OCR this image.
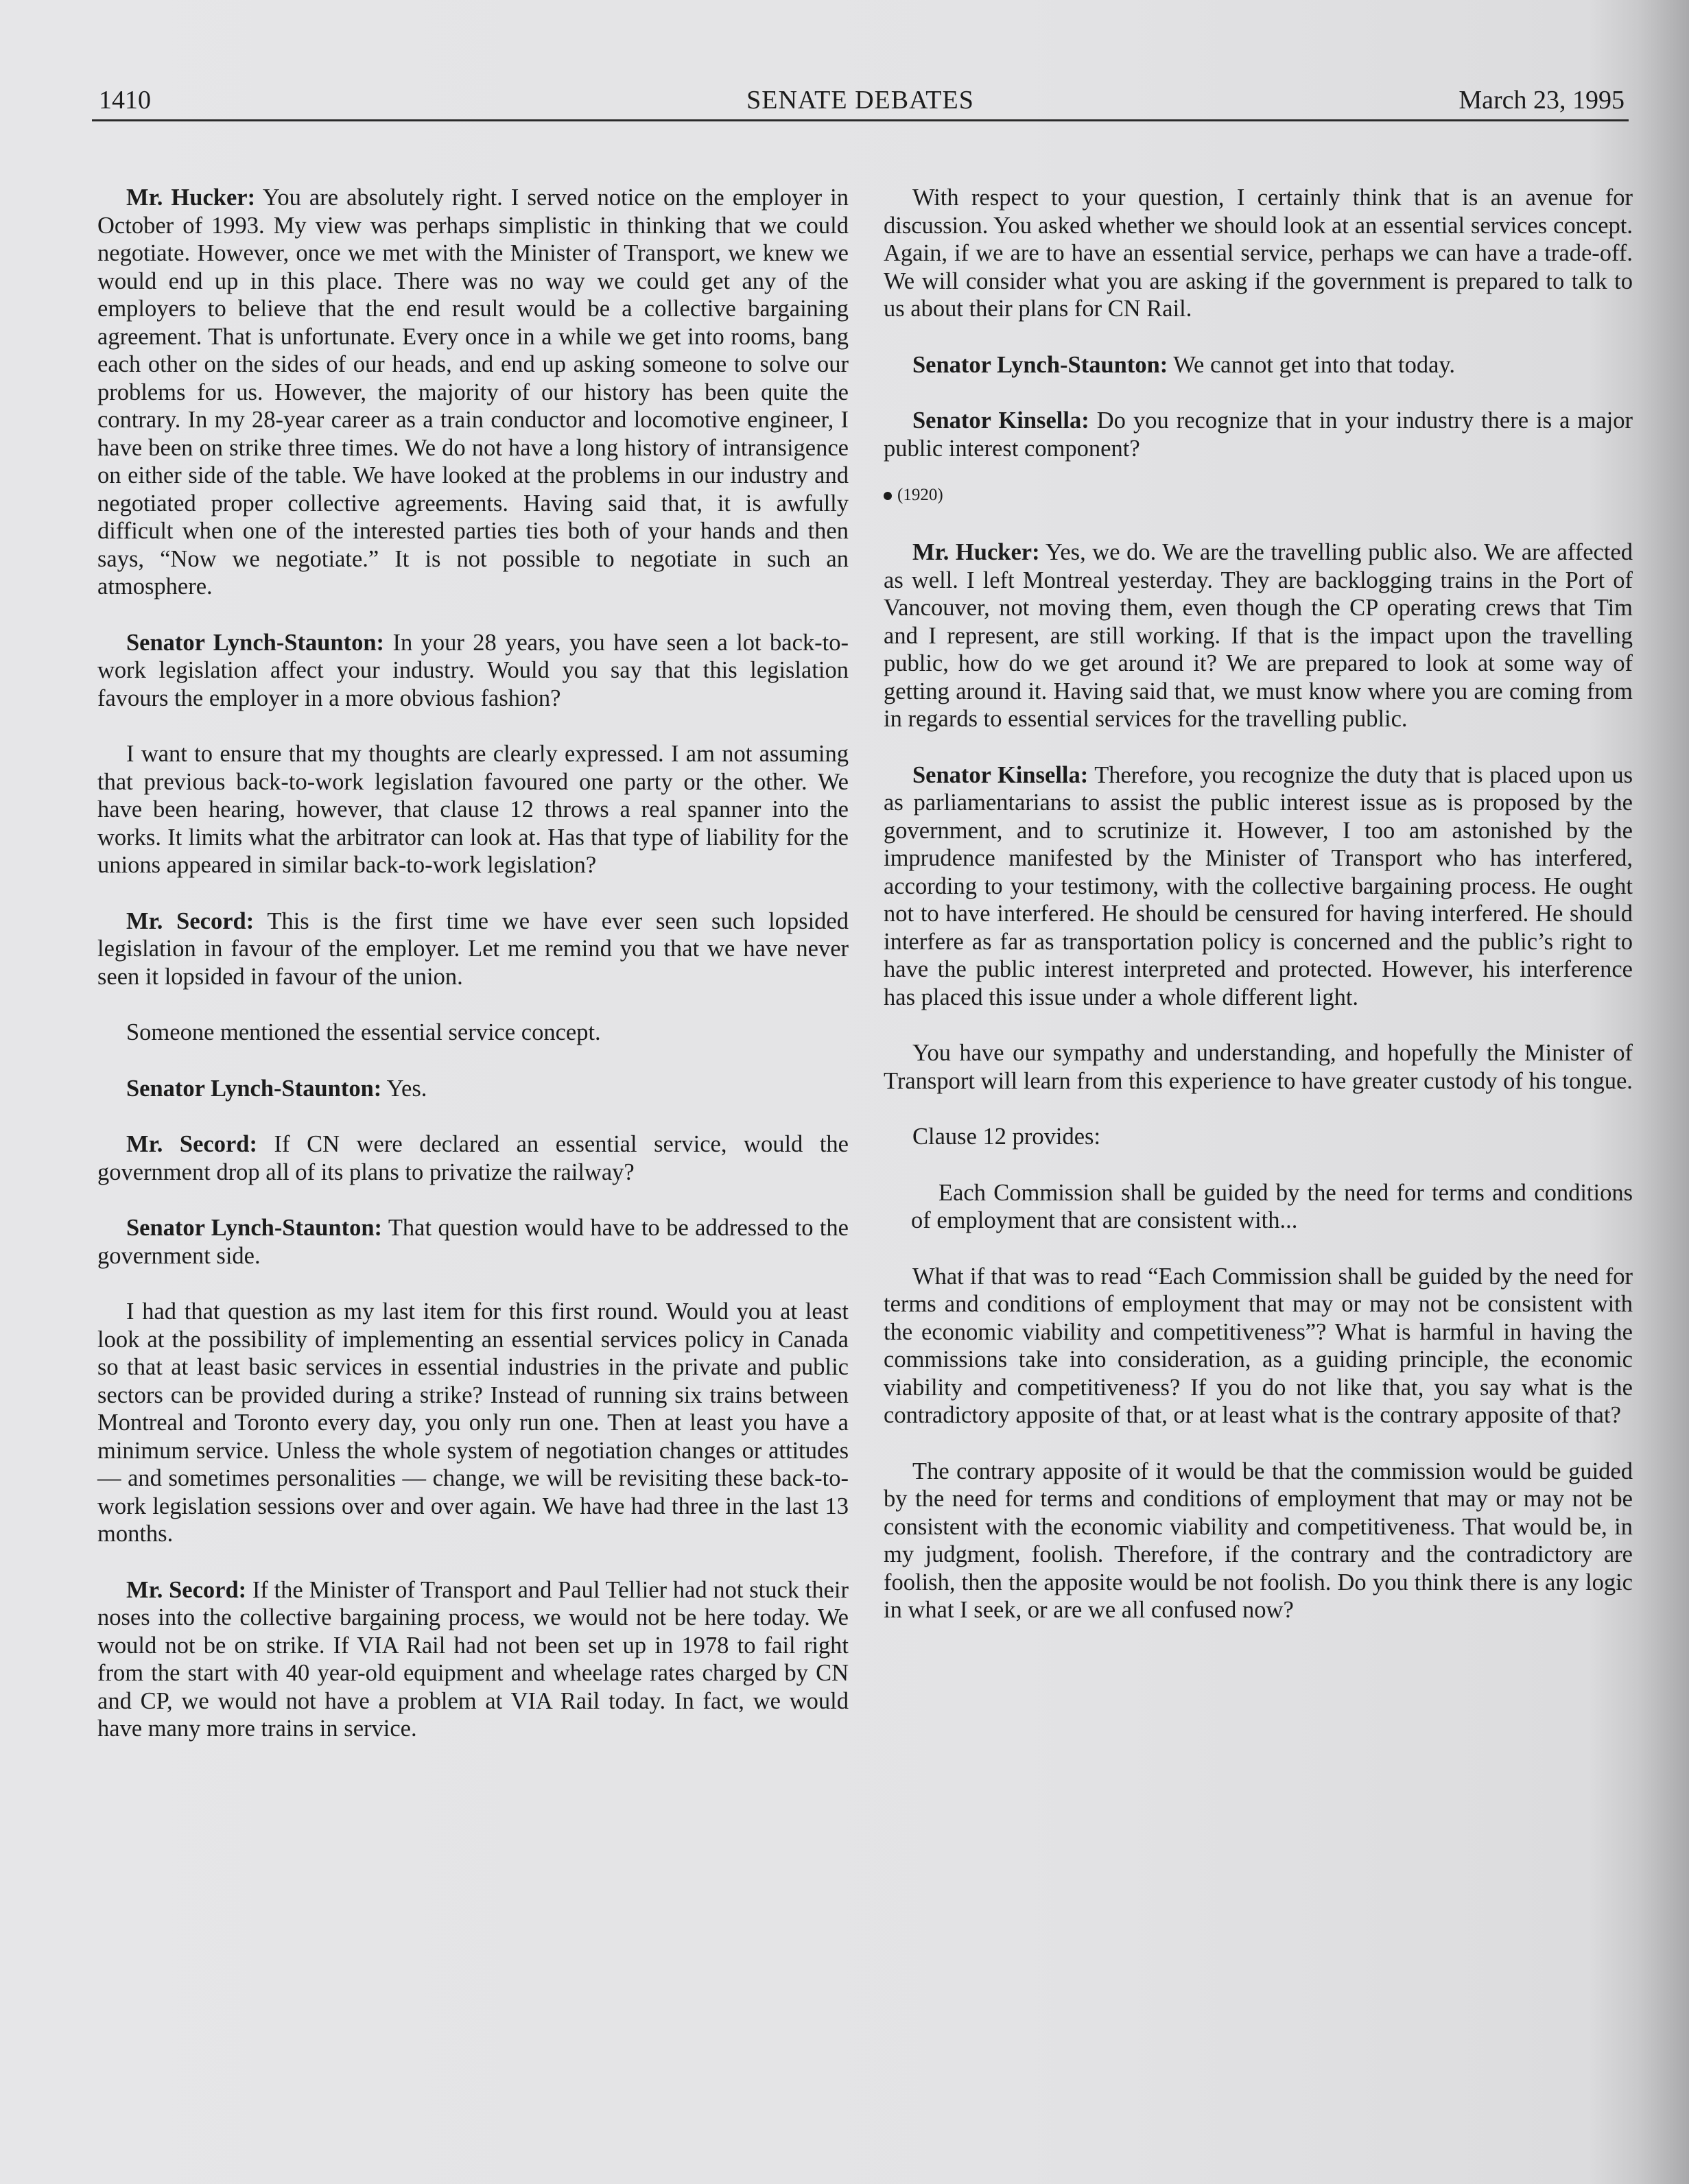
1410	SENATE DEBATES	March 23, 1995

Mr. Hucker: You are absolutely right. I served notice on the employer in October of 1993. My view was perhaps simplistic in thinking that we could negotiate. However, once we met with the Minister of Transport, we knew we would end up in this place. There was no way we could get any of the employers to believe that the end result would be a collective bargaining agreement. That is unfortunate. Every once in a while we get into rooms, bang each other on the sides of our heads, and end up asking someone to solve our problems for us. However, the majority of our history has been quite the contrary. In my 28-year career as a train conductor and locomotive engineer, I have been on strike three times. We do not have a long history of intransigence on either side of the table. We have looked at the problems in our industry and negotiated proper collective agreements. Having said that, it is awfully difficult when one of the interested parties ties both of your hands and then says, “Now we negotiate.” It is not possible to negotiate in such an atmosphere.

Senator Lynch-Staunton: In your 28 years, you have seen a lot back-to-work legislation affect your industry. Would you say that this legislation favours the employer in a more obvious fashion?

I want to ensure that my thoughts are clearly expressed. I am not assuming that previous back-to-work legislation favoured one party or the other. We have been hearing, however, that clause 12 throws a real spanner into the works. It limits what the arbitrator can look at. Has that type of liability for the unions appeared in similar back-to-work legislation?

Mr. Secord: This is the first time we have ever seen such lopsided legislation in favour of the employer. Let me remind you that we have never seen it lopsided in favour of the union.

Someone mentioned the essential service concept.

Senator Lynch-Staunton: Yes.

Mr. Secord: If CN were declared an essential service, would the government drop all of its plans to privatize the railway?

Senator Lynch-Staunton: That question would have to be addressed to the government side.

I had that question as my last item for this first round. Would you at least look at the possibility of implementing an essential services policy in Canada so that at least basic services in essential industries in the private and public sectors can be provided during a strike? Instead of running six trains between Montreal and Toronto every day, you only run one. Then at least you have a minimum service. Unless the whole system of negotiation changes or attitudes — and sometimes personalities — change, we will be revisiting these back-to-work legislation sessions over and over again. We have had three in the last 13 months.

Mr. Secord: If the Minister of Transport and Paul Tellier had not stuck their noses into the collective bargaining process, we would not be here today. We would not be on strike. If VIA Rail had not been set up in 1978 to fail right from the start with 40 year-old equipment and wheelage rates charged by CN and CP, we would not have a problem at VIA Rail today. In fact, we would have many more trains in service.

With respect to your question, I certainly think that is an avenue for discussion. You asked whether we should look at an essential services concept. Again, if we are to have an essential service, perhaps we can have a trade-off. We will consider what you are asking if the government is prepared to talk to us about their plans for CN Rail.

Senator Lynch-Staunton: We cannot get into that today.

Senator Kinsella: Do you recognize that in your industry there is a major public interest component?

(1920)

Mr. Hucker: Yes, we do. We are the travelling public also. We are affected as well. I left Montreal yesterday. They are backlogging trains in the Port of Vancouver, not moving them, even though the CP operating crews that Tim and I represent, are still working. If that is the impact upon the travelling public, how do we get around it? We are prepared to look at some way of getting around it. Having said that, we must know where you are coming from in regards to essential services for the travelling public.

Senator Kinsella: Therefore, you recognize the duty that is placed upon us as parliamentarians to assist the public interest issue as is proposed by the government, and to scrutinize it. However, I too am astonished by the imprudence manifested by the Minister of Transport who has interfered, according to your testimony, with the collective bargaining process. He ought not to have interfered. He should be censured for having interfered. He should interfere as far as transportation policy is concerned and the public’s right to have the public interest interpreted and protected. However, his interference has placed this issue under a whole different light.

You have our sympathy and understanding, and hopefully the Minister of Transport will learn from this experience to have greater custody of his tongue.

Clause 12 provides:

Each Commission shall be guided by the need for terms and conditions of employment that are consistent with...

What if that was to read “Each Commission shall be guided by the need for terms and conditions of employment that may or may not be consistent with the economic viability and competitiveness”? What is harmful in having the commissions take into consideration, as a guiding principle, the economic viability and competitiveness? If you do not like that, you say what is the contradictory apposite of that, or at least what is the contrary apposite of that?

The contrary apposite of it would be that the commission would be guided by the need for terms and conditions of employment that may or may not be consistent with the economic viability and competitiveness. That would be, in my judgment, foolish. Therefore, if the contrary and the contradictory are foolish, then the apposite would be not foolish. Do you think there is any logic in what I seek, or are we all confused now?
